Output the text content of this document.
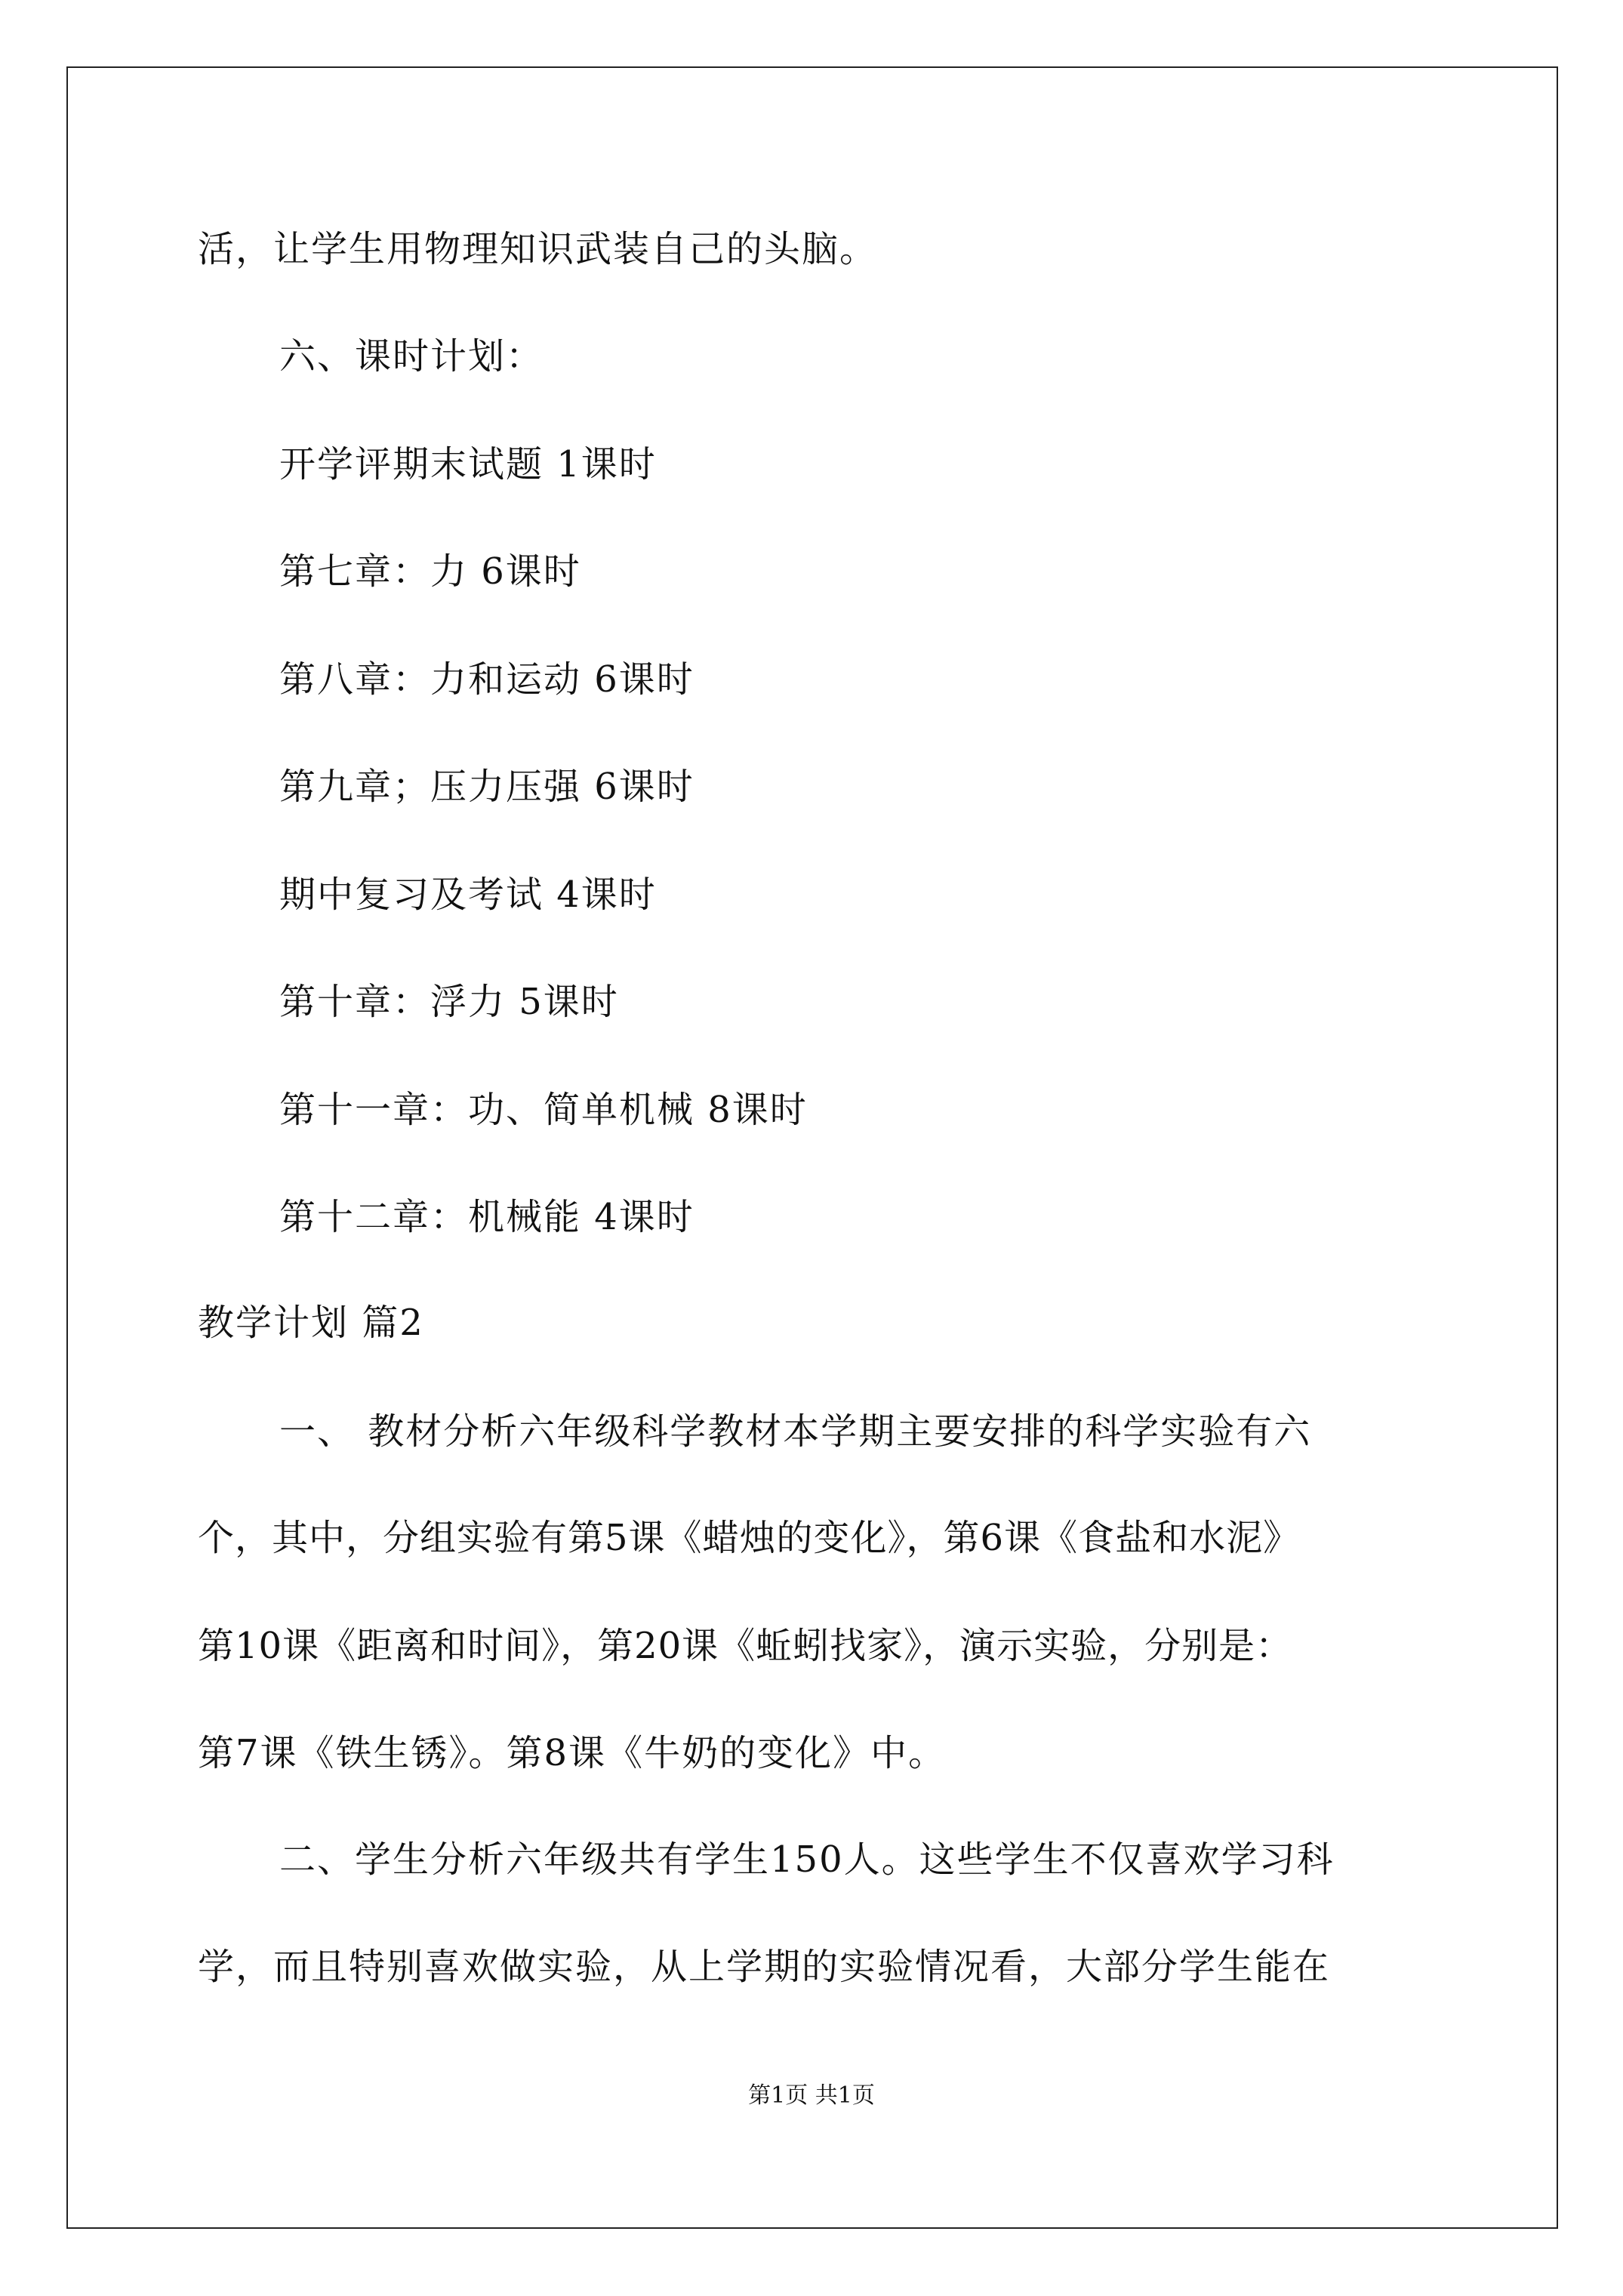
活，让学生用物理知识武装自己的头脑。
六、课时计划：
开学评期末试题 1课时
第七章：力 6课时
第八章：力和运动 6课时
第九章；压力压强 6课时
期中复习及考试 4课时
第十章：浮力 5课时
第十一章：功、简单机械 8课时
第十二章：机械能 4课时
教学计划 篇2
一、 教材分析六年级科学教材本学期主要安排的科学实验有六
个，其中，分组实验有第5课《蜡烛的变化》，第6课《食盐和水泥》
第10课《距离和时间》，第20课《蚯蚓找家》，演示实验，分别是：
第7课《铁生锈》。第8课《牛奶的变化》中。
二、学生分析六年级共有学生150人。这些学生不仅喜欢学习科
学，而且特别喜欢做实验，从上学期的实验情况看，大部分学生能在
第1页 共1页
